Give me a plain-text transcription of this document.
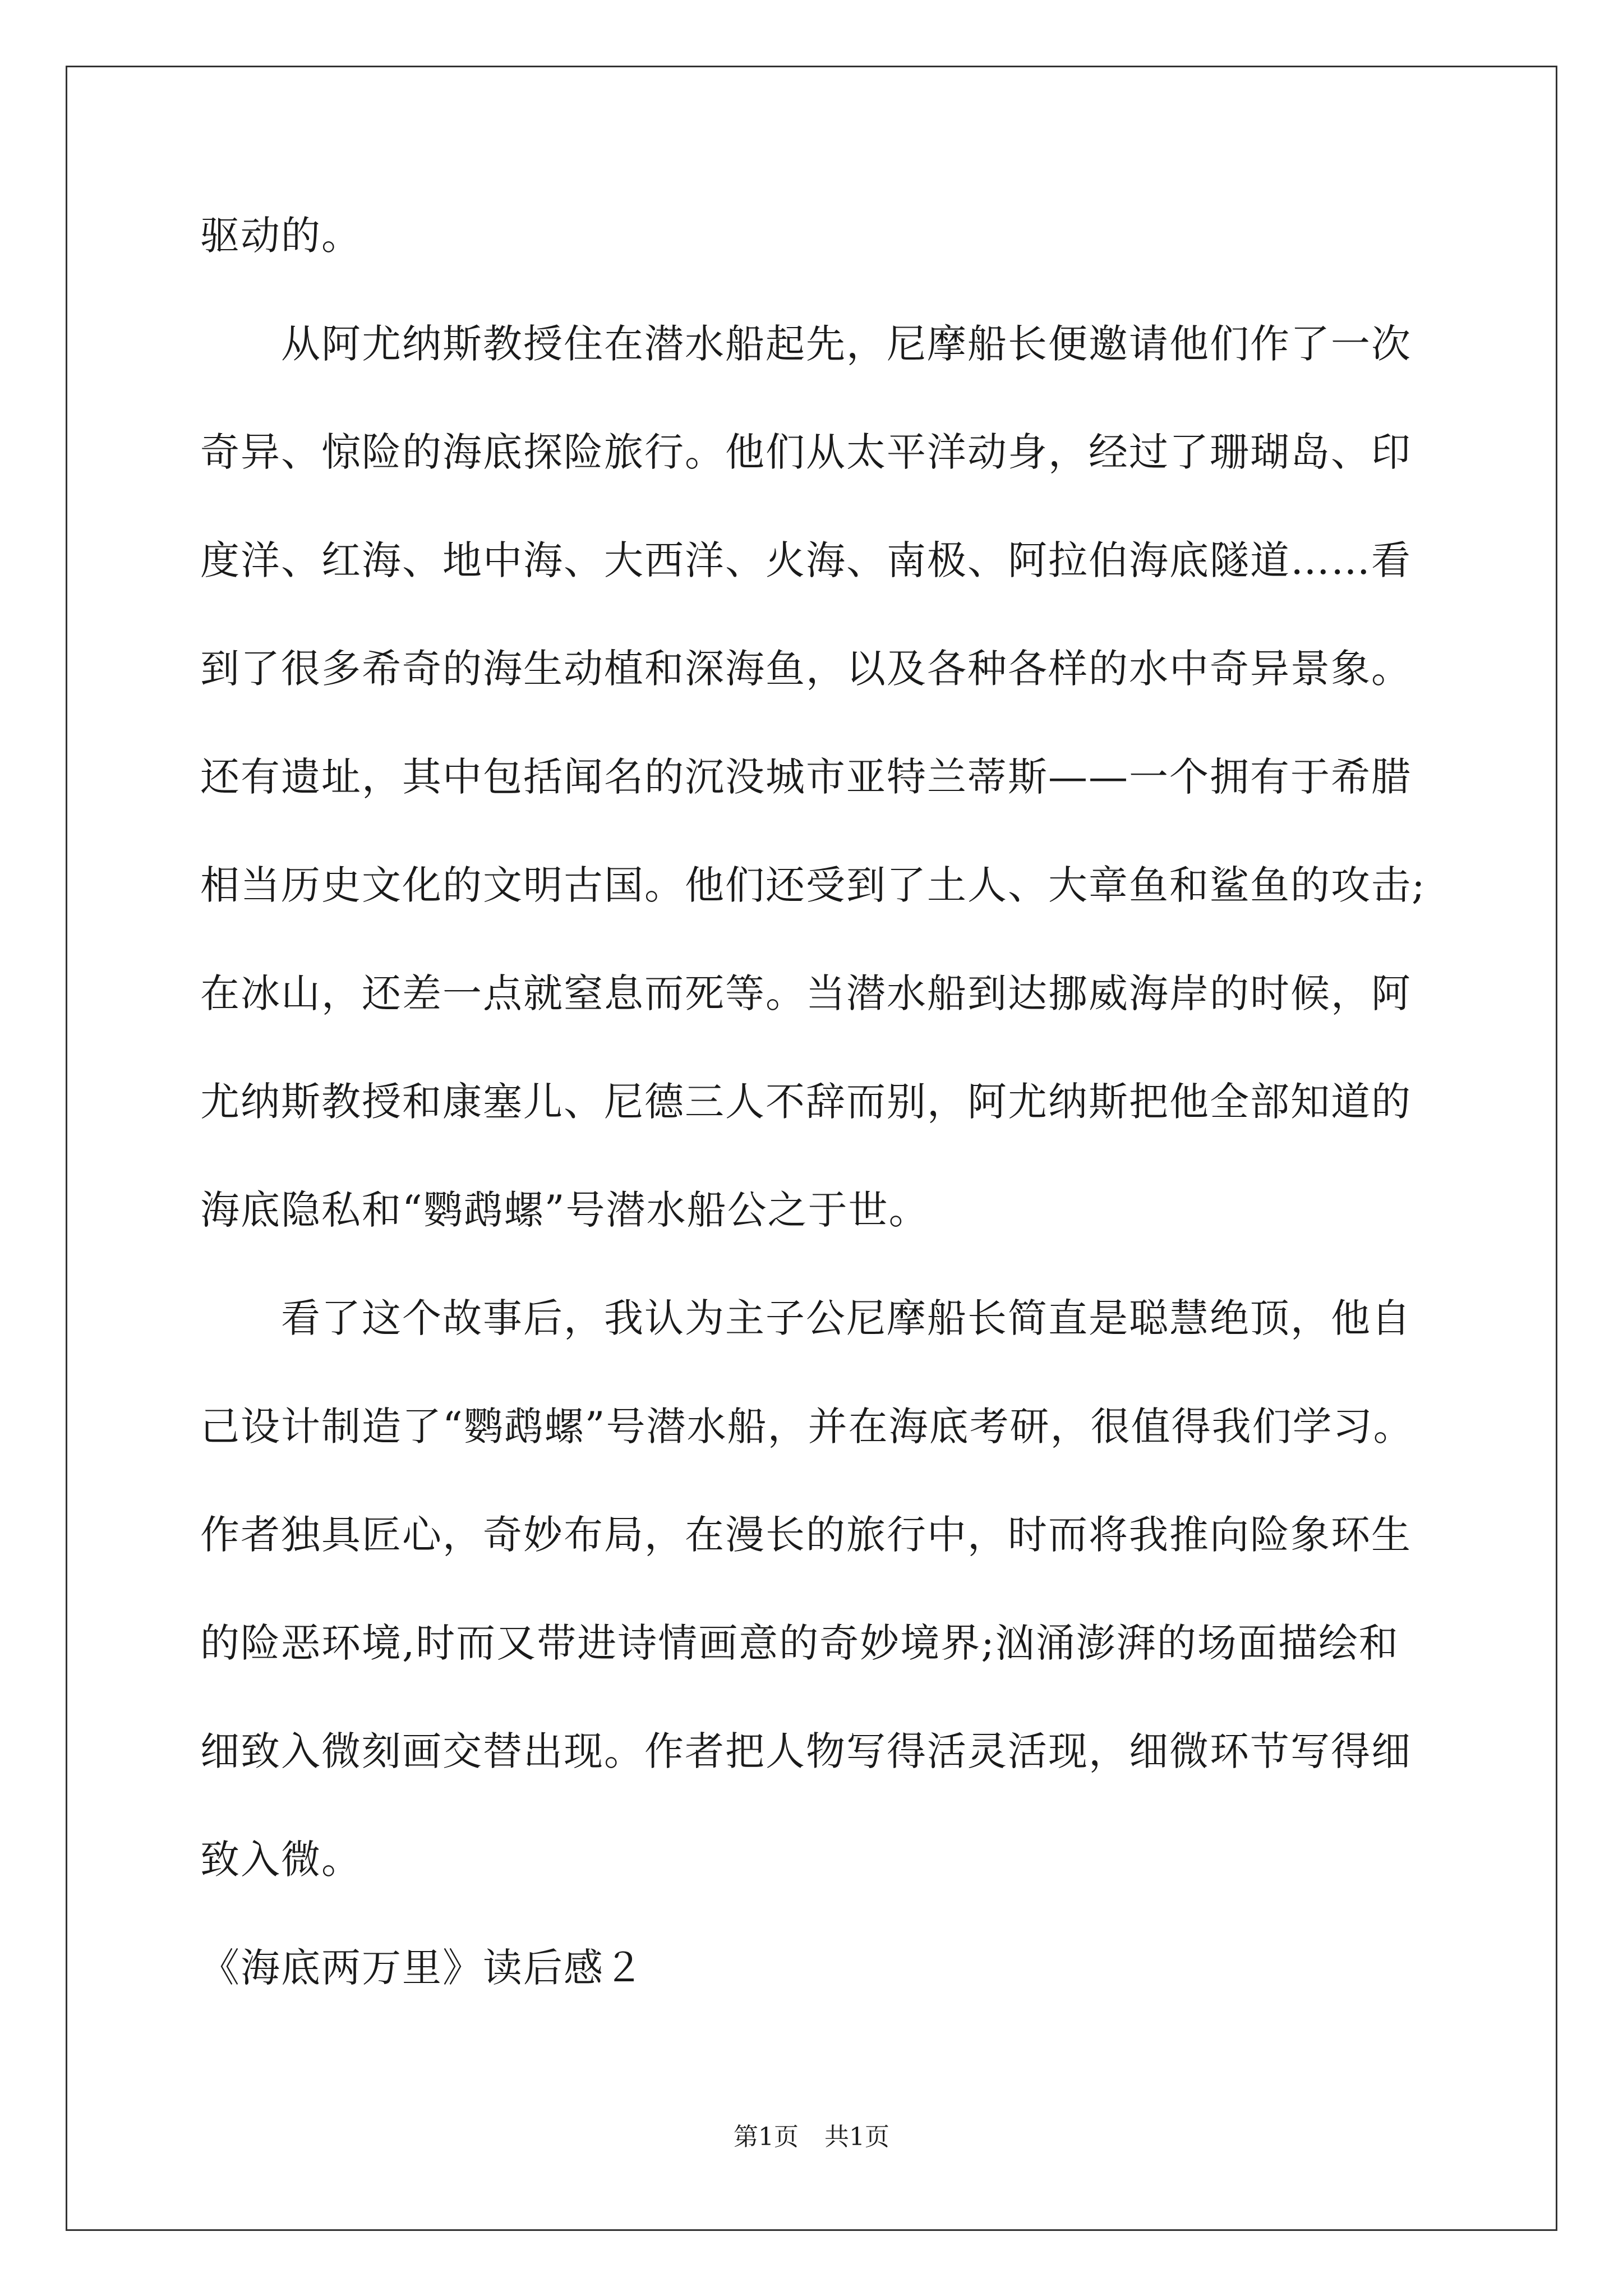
驱动的。
从阿尤纳斯教授住在潜水船起先，尼摩船长便邀请他们作了一次
奇异、惊险的海底探险旅行。他们从太平洋动身，经过了珊瑚岛、印
度洋、红海、地中海、大西洋、火海、南极、阿拉伯海底隧道……看
到了很多希奇的海生动植和深海鱼，以及各种各样的水中奇异景象。
还有遗址，其中包括闻名的沉没城市亚特兰蒂斯——一个拥有于希腊
相当历史文化的文明古国。他们还受到了土人、大章鱼和鲨鱼的攻击;
在冰山，还差一点就窒息而死等。当潜水船到达挪威海岸的时候，阿
尤纳斯教授和康塞儿、尼德三人不辞而别，阿尤纳斯把他全部知道的
海底隐私和“鹦鹉螺”号潜水船公之于世。
看了这个故事后，我认为主子公尼摩船长简直是聪慧绝顶，他自
己设计制造了“鹦鹉螺”号潜水船，并在海底考研，很值得我们学习。
作者独具匠心，奇妙布局，在漫长的旅行中，时而将我推向险象环生
的险恶环境,时而又带进诗情画意的奇妙境界;汹涌澎湃的场面描绘和
细致入微刻画交替出现。作者把人物写得活灵活现，细微环节写得细
致入微。
《海底两万里》读后感２
第1页 共1页
